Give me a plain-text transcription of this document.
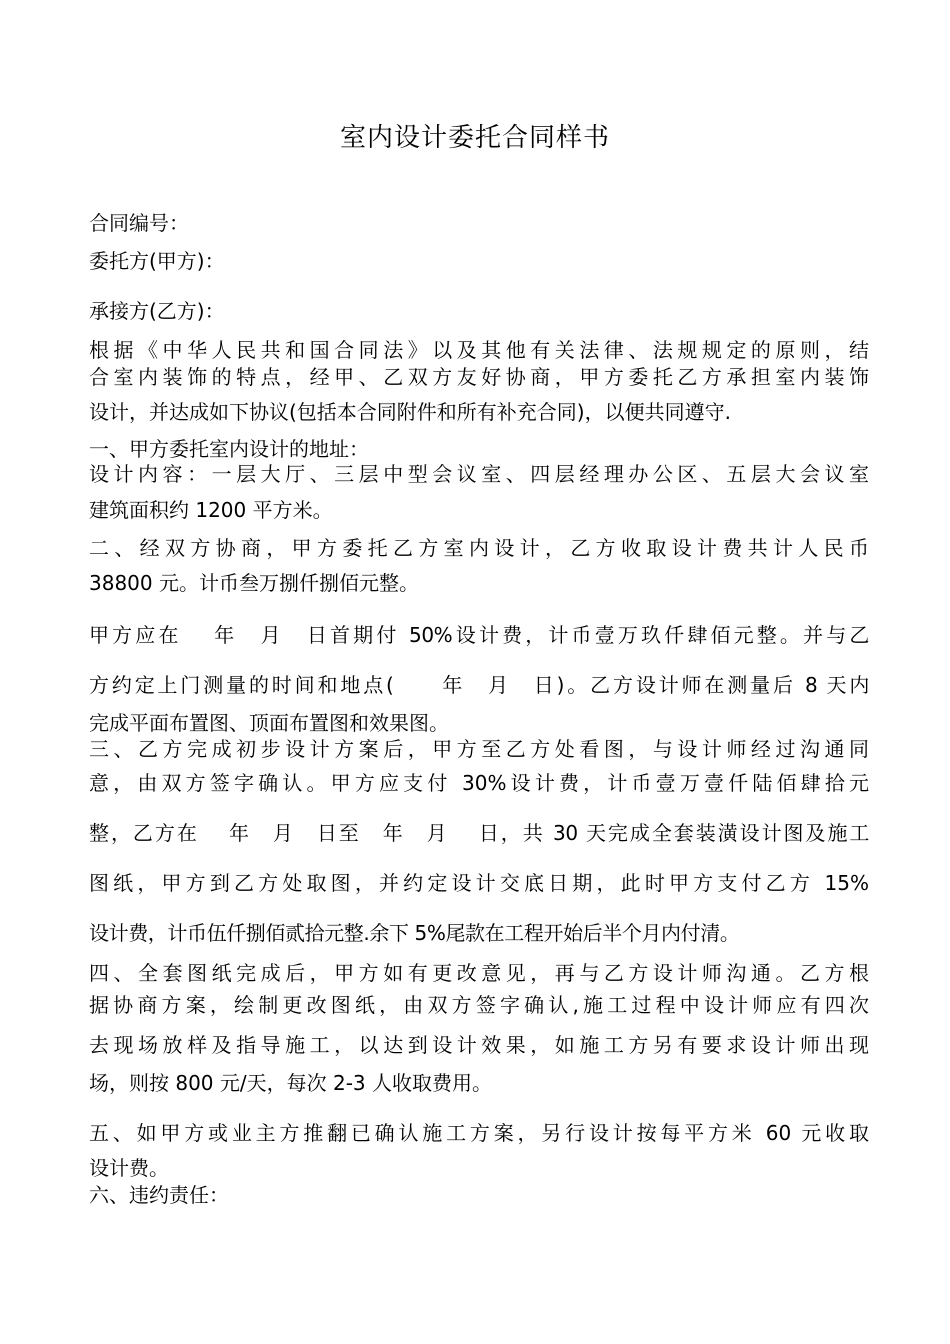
室内设计委托合同样书
合同编号：
委托方(甲方)：
承接方(乙方)：
根据《中华人民共和国合同法》以及其他有关法律、法规规定的原则，结
合室内装饰的特点，经甲、乙双方友好协商，甲方委托乙方承担室内装饰
设计，并达成如下协议(包括本合同附件和所有补充合同)，以便共同遵守.
一、甲方委托室内设计的地址：
设计内容：一层大厅、三层中型会议室、四层经理办公区、五层大会议室
建筑面积约 1200 平方米。
二、经双方协商，甲方委托乙方室内设计，乙方收取设计费共计人民币
38800 元。计币叁万捌仟捌佰元整。
甲方应在　 年　月　日首期付 50%设计费，计币壹万玖仟肆佰元整。并与乙
方约定上门测量的时间和地点(　　年　月　日)。乙方设计师在测量后 8 天内
完成平面布置图、顶面布置图和效果图。
三、乙方完成初步设计方案后，甲方至乙方处看图，与设计师经过沟通同
意，由双方签字确认。甲方应支付 30%设计费，计币壹万壹仟陆佰肆拾元
整，乙方在　 年　月　日至　年　月　 日，共 30 天完成全套装潢设计图及施工
图纸，甲方到乙方处取图，并约定设计交底日期，此时甲方支付乙方 15%
设计费，计币伍仟捌佰贰拾元整.余下 5%尾款在工程开始后半个月内付清。
四、全套图纸完成后，甲方如有更改意见，再与乙方设计师沟通。乙方根
据协商方案，绘制更改图纸，由双方签字确认,施工过程中设计师应有四次
去现场放样及指导施工，以达到设计效果，如施工方另有要求设计师出现
场，则按 800 元/天，每次 2-3 人收取费用。
五、如甲方或业主方推翻已确认施工方案，另行设计按每平方米 60 元收取
设计费。
六、违约责任：
